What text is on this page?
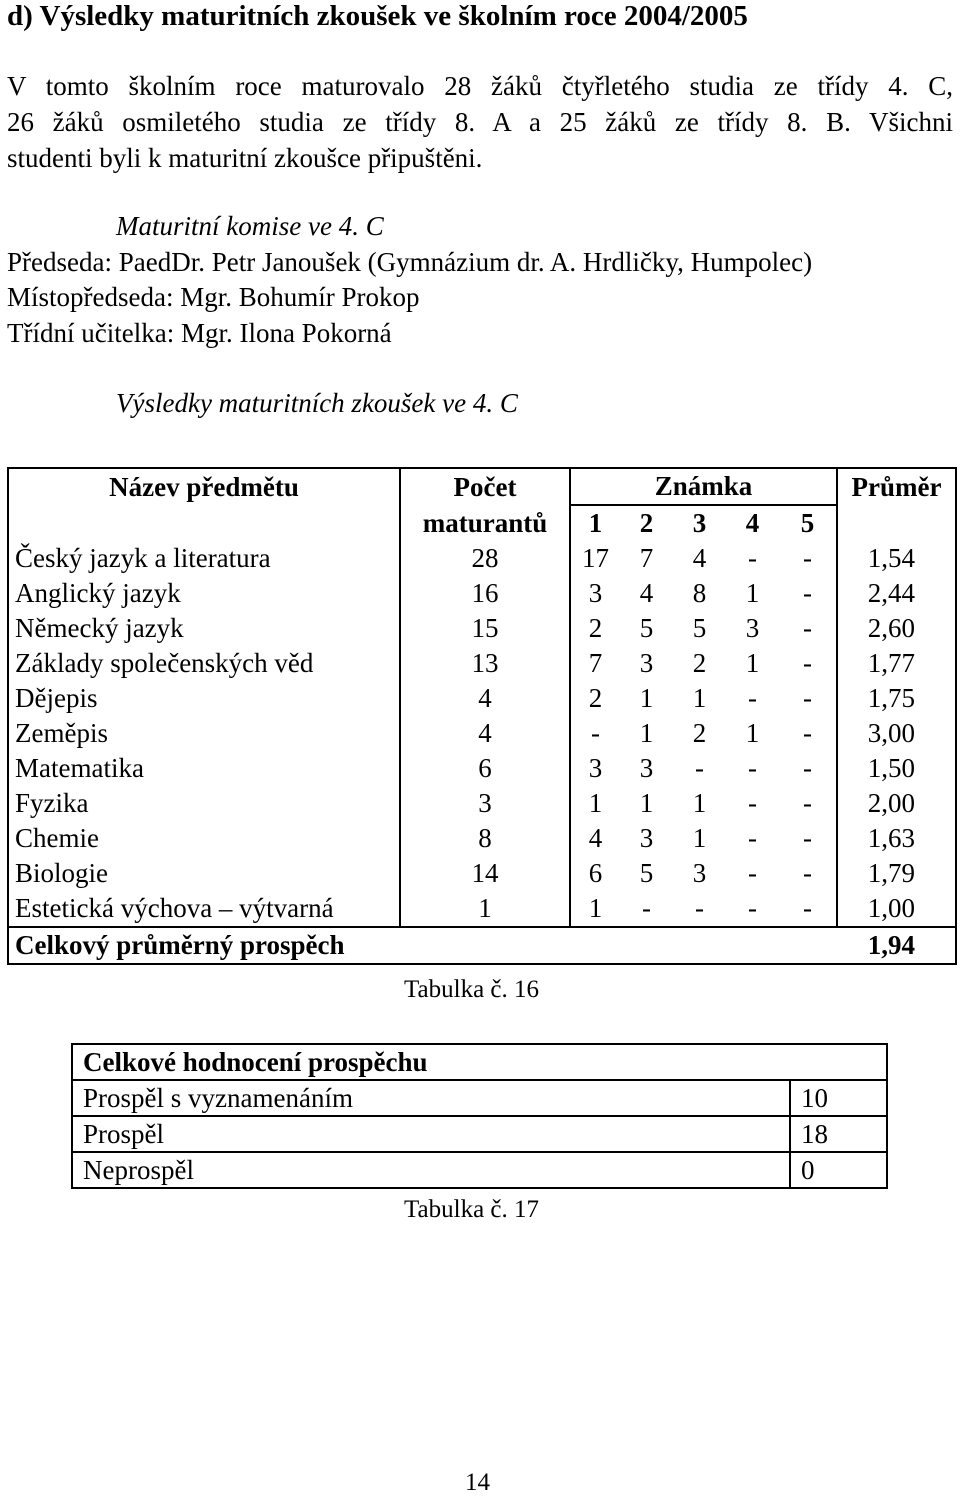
d) Výsledky maturitních zkoušek ve školním roce 2004/2005
V tomto školním roce maturovalo 28 žáků čtyřletého studia ze třídy 4. C,
26 žáků osmiletého studia ze třídy 8. A a 25 žáků ze třídy 8. B. Všichni
studenti byli k maturitní zkoušce připuštěni.
Maturitní komise ve 4. C
Předseda: PaedDr. Petr Janoušek (Gymnázium dr. A. Hrdličky, Humpolec)
Místopředseda: Mgr. Bohumír Prokop
Třídní učitelka: Mgr. Ilona Pokorná
Výsledky maturitních zkoušek ve 4. C
Název předmětu	Počet	Známka					Průměr
	maturantů	1	2	3	4	5	
Český jazyk a literatura	28	17	7	4	-	-	1,54
Anglický jazyk	16	3	4	8	1	-	2,44
Německý jazyk	15	2	5	5	3	-	2,60
Základy společenských věd	13	7	3	2	1	-	1,77
Dějepis	4	2	1	1	-	-	1,75
Zeměpis	4	-	1	2	1	-	3,00
Matematika	6	3	3	-	-	-	1,50
Fyzika	3	1	1	1	-	-	2,00
Chemie	8	4	3	1	-	-	1,63
Biologie	14	6	5	3	-	-	1,79
Estetická výchova – výtvarná	1	1	-	-	-	-	1,00
Celkový průměrný prospěch							1,94
Tabulka č. 16
Celkové hodnocení prospěchu	
Prospěl s vyznamenáním	10
Prospěl	18
Neprospěl	0
Tabulka č. 17
14
